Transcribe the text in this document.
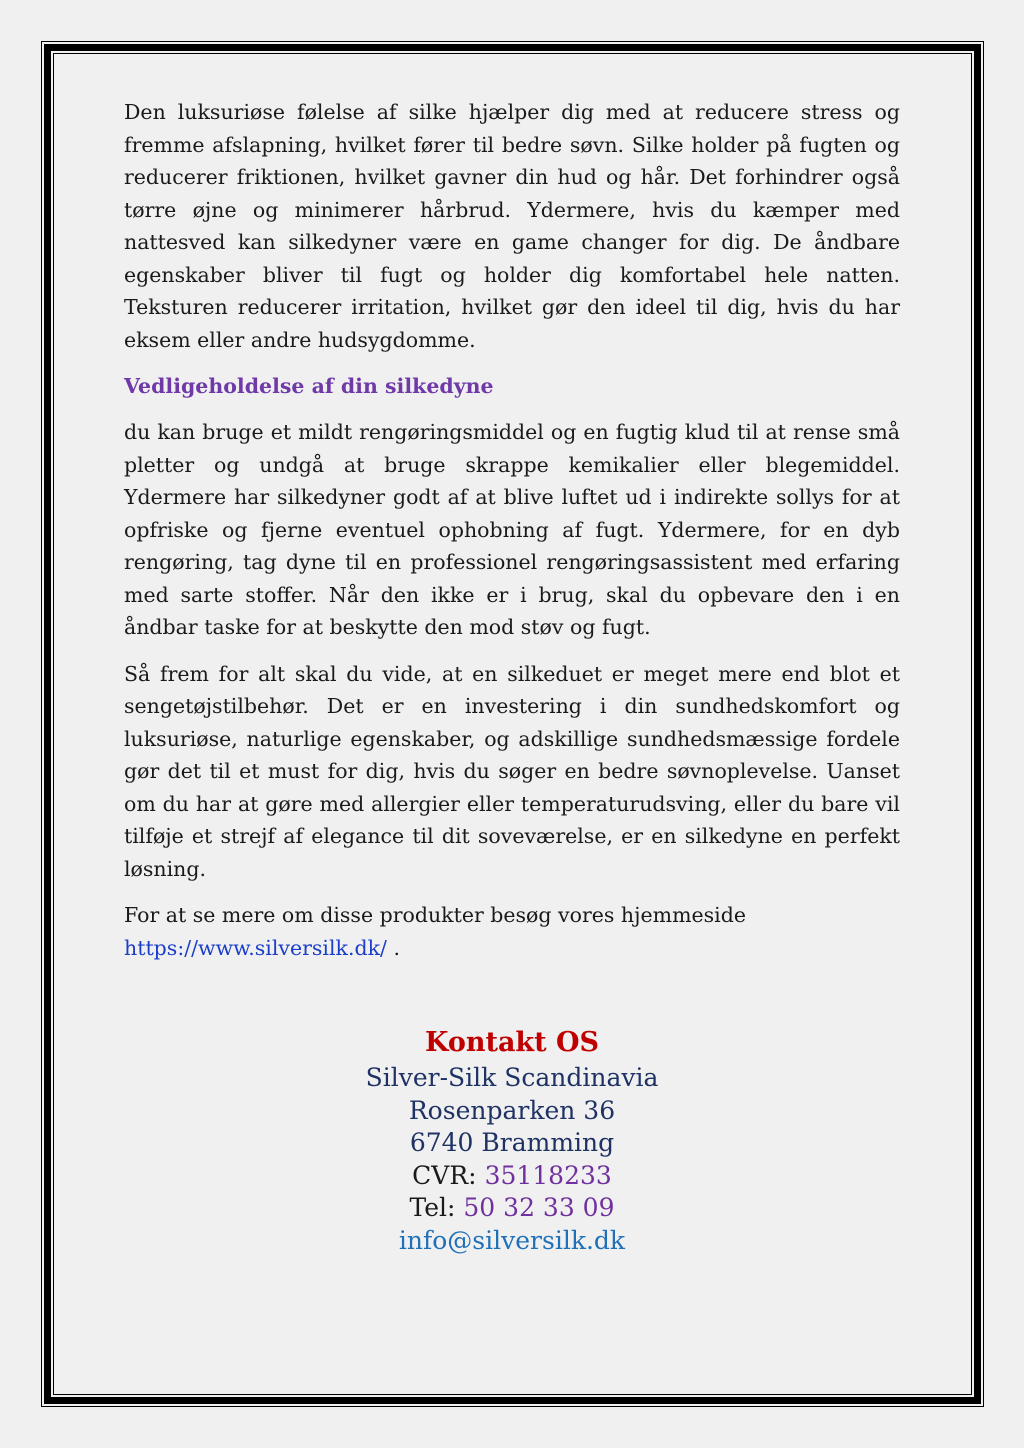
Den luksuriøse følelse af silke hjælper dig med at reducere stress og fremme afslapning, hvilket fører til bedre søvn. Silke holder på fugten og reducerer friktionen, hvilket gavner din hud og hår. Det forhindrer også tørre øjne og minimerer hårbrud. Ydermere, hvis du kæmper med nattesved kan silkedyner være en game changer for dig. De åndbare egenskaber bliver til fugt og holder dig komfortabel hele natten. Teksturen reducerer irritation, hvilket gør den ideel til dig, hvis du har eksem eller andre hudsygdomme.

Vedligeholdelse af din silkedyne

du kan bruge et mildt rengøringsmiddel og en fugtig klud til at rense små pletter og undgå at bruge skrappe kemikalier eller blegemiddel. Ydermere har silkedyner godt af at blive luftet ud i indirekte sollys for at opfriske og fjerne eventuel ophobning af fugt. Ydermere, for en dyb rengøring, tag dyne til en professionel rengøringsassistent med erfaring med sarte stoffer. Når den ikke er i brug, skal du opbevare den i en åndbar taske for at beskytte den mod støv og fugt.

Så frem for alt skal du vide, at en silkeduet er meget mere end blot et sengetøjstilbehør. Det er en investering i din sundhedskomfort og luksuriøse, naturlige egenskaber, og adskillige sundhedsmæssige fordele gør det til et must for dig, hvis du søger en bedre søvnoplevelse. Uanset om du har at gøre med allergier eller temperaturudsving, eller du bare vil tilføje et strejf af elegance til dit soveværelse, er en silkedyne en perfekt løsning.

For at se mere om disse produkter besøg vores hjemmeside
https://www.silversilk.dk/ .

Kontakt OS
Silver-Silk Scandinavia
Rosenparken 36
6740 Bramming
CVR: 35118233
Tel: 50 32 33 09
info@silversilk.dk
